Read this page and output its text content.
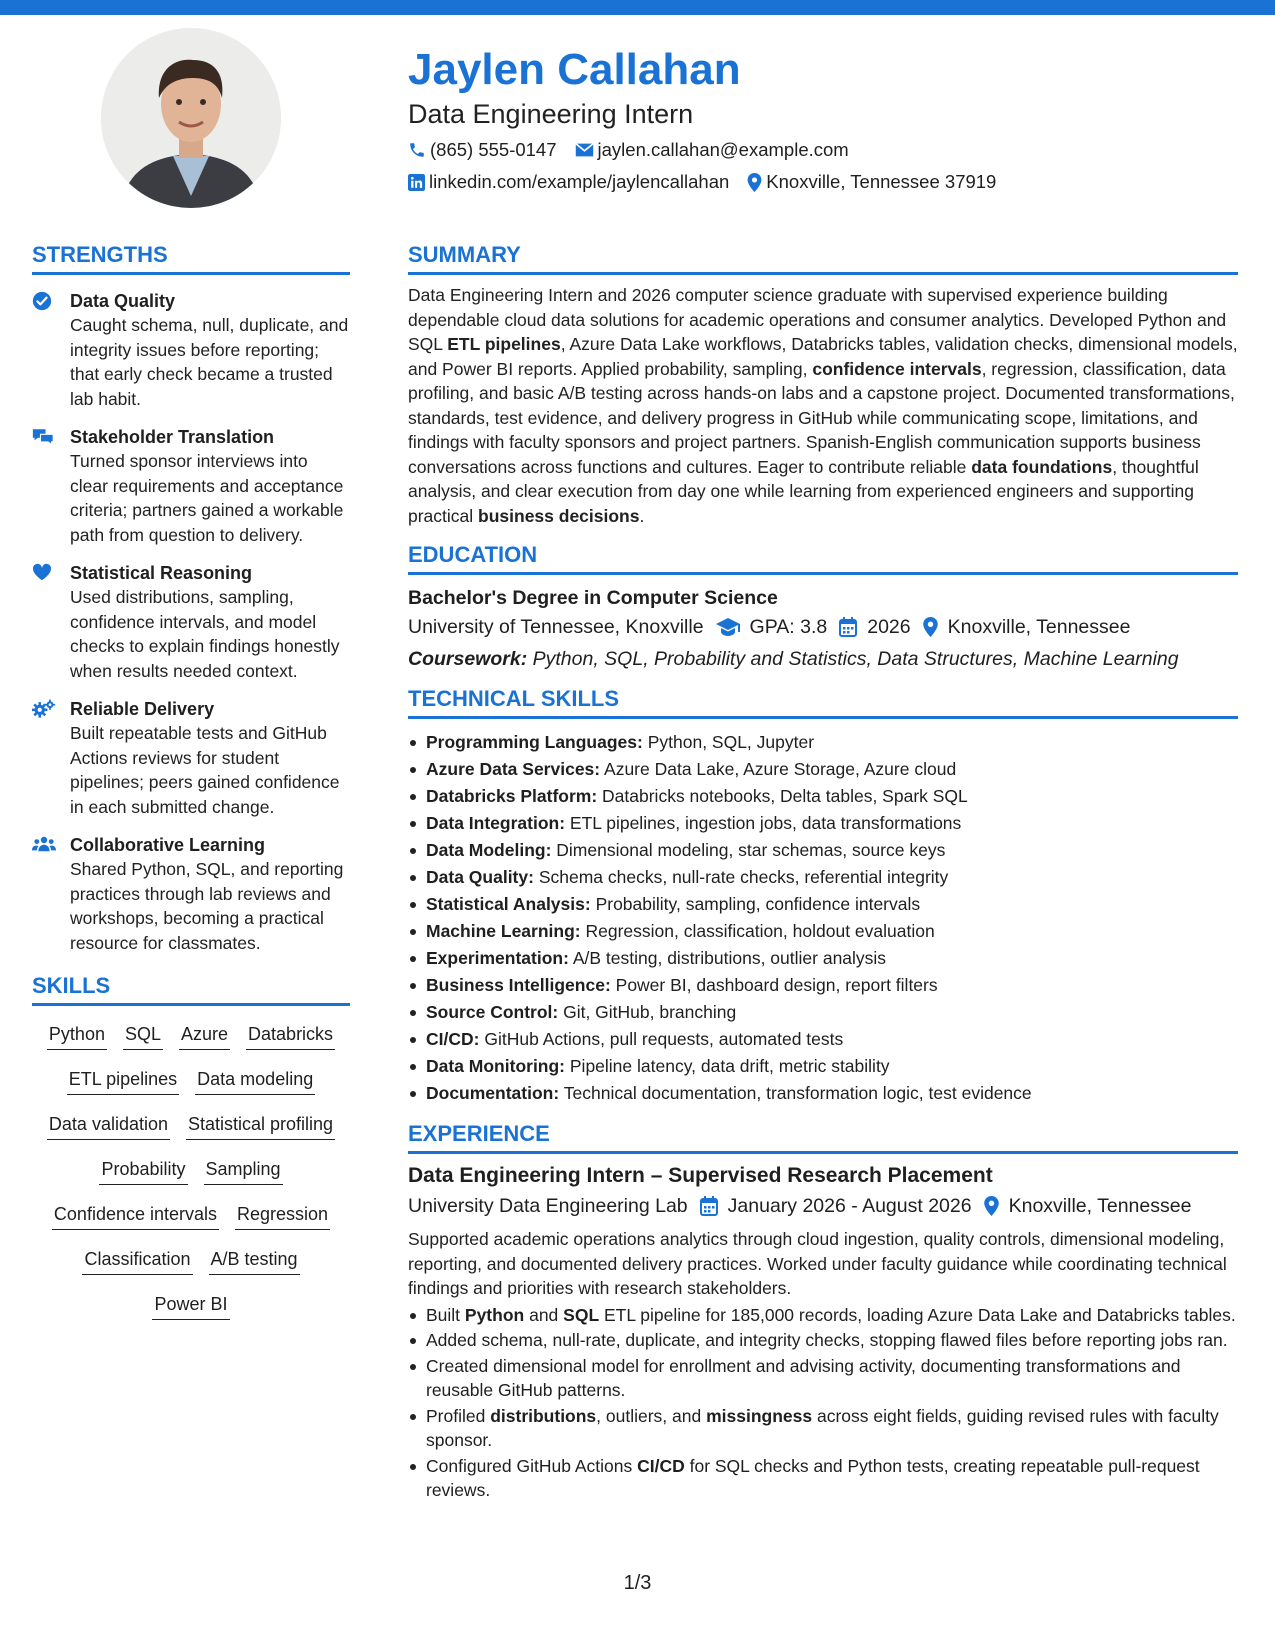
Jaylen Callahan
Data Engineering Intern
(865) 555-0147 jaylen.callahan@example.com
linkedin.com/example/jaylencallahan Knoxville, Tennessee 37919
STRENGTHS
Data Quality
Caught schema, null, duplicate, and integrity issues before reporting; that early check became a trusted lab habit.
Stakeholder Translation
Turned sponsor interviews into clear requirements and acceptance criteria; partners gained a workable path from question to delivery.
Statistical Reasoning
Used distributions, sampling, confidence intervals, and model checks to explain findings honestly when results needed context.
Reliable Delivery
Built repeatable tests and GitHub Actions reviews for student pipelines; peers gained confidence in each submitted change.
Collaborative Learning
Shared Python, SQL, and reporting practices through lab reviews and workshops, becoming a practical resource for classmates.
SKILLS
Python SQL Azure Databricks
ETL pipelines Data modeling
Data validation Statistical profiling
Probability Sampling
Confidence intervals Regression
Classification A/B testing
Power BI
SUMMARY

Data Engineering Intern and 2026 computer science graduate with supervised experience building dependable cloud data solutions for academic operations and consumer analytics. Developed Python and SQL ETL pipelines, Azure Data Lake workflows, Databricks tables, validation checks, dimensional models, and Power BI reports. Applied probability, sampling, confidence intervals, regression, classification, data profiling, and basic A/B testing across hands-on labs and a capstone project. Documented transformations, standards, test evidence, and delivery progress in GitHub while communicating scope, limitations, and findings with faculty sponsors and project partners. Spanish-English communication supports business conversations across functions and cultures. Eager to contribute reliable data foundations, thoughtful analysis, and clear execution from day one while learning from experienced engineers and supporting practical business decisions.

EDUCATION
Bachelor's Degree in Computer Science
University of Tennessee, Knoxville GPA: 3.8 2026 Knoxville, Tennessee
Coursework: Python, SQL, Probability and Statistics, Data Structures, Machine Learning
TECHNICAL SKILLS
Programming Languages: Python, SQL, Jupyter
Azure Data Services: Azure Data Lake, Azure Storage, Azure cloud
Databricks Platform: Databricks notebooks, Delta tables, Spark SQL
Data Integration: ETL pipelines, ingestion jobs, data transformations
Data Modeling: Dimensional modeling, star schemas, source keys
Data Quality: Schema checks, null-rate checks, referential integrity
Statistical Analysis: Probability, sampling, confidence intervals
Machine Learning: Regression, classification, holdout evaluation
Experimentation: A/B testing, distributions, outlier analysis
Business Intelligence: Power BI, dashboard design, report filters
Source Control: Git, GitHub, branching
CI/CD: GitHub Actions, pull requests, automated tests
Data Monitoring: Pipeline latency, data drift, metric stability
Documentation: Technical documentation, transformation logic, test evidence
EXPERIENCE
Data Engineering Intern – Supervised Research Placement
University Data Engineering Lab January 2026 - August 2026 Knoxville, Tennessee

Supported academic operations analytics through cloud ingestion, quality controls, dimensional modeling, reporting, and documented delivery practices. Worked under faculty guidance while coordinating technical findings and priorities with research stakeholders.

Built Python and SQL ETL pipeline for 185,000 records, loading Azure Data Lake and Databricks tables.
Added schema, null-rate, duplicate, and integrity checks, stopping flawed files before reporting jobs ran.
Created dimensional model for enrollment and advising activity, documenting transformations and reusable GitHub patterns.
Profiled distributions, outliers, and missingness across eight fields, guiding revised rules with faculty sponsor.
Configured GitHub Actions CI/CD for SQL checks and Python tests, creating repeatable pull-request reviews.
1/3
